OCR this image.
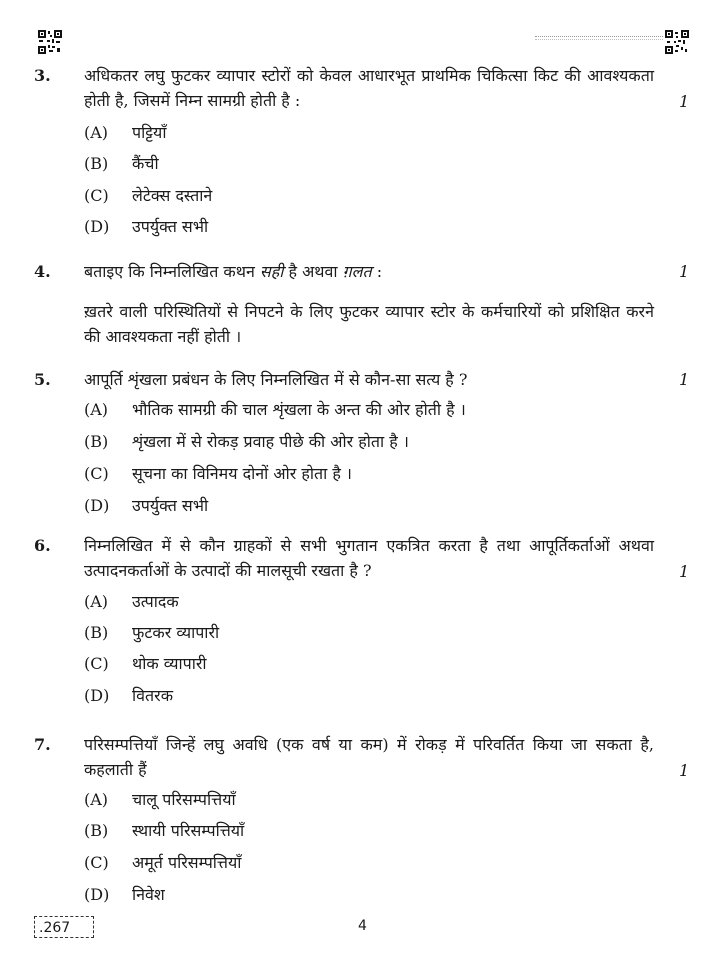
3. अधिकतर लघु फुटकर व्यापार स्टोरों को केवल आधारभूत प्राथमिक चिकित्सा किट की आवश्यकता होती है, जिसमें निम्न सामग्री होती है :	1
(A) पट्टियाँ
(B) कैंची
(C) लेटेक्स दस्ताने
(D) उपर्युक्त सभी
4. बताइए कि निम्नलिखित कथन सही है अथवा ग़लत :	1
ख़तरे वाली परिस्थितियों से निपटने के लिए फुटकर व्यापार स्टोर के कर्मचारियों को प्रशिक्षित करने की आवश्यकता नहीं होती ।
5. आपूर्ति शृंखला प्रबंधन के लिए निम्नलिखित में से कौन-सा सत्य है ?	1
(A) भौतिक सामग्री की चाल शृंखला के अन्त की ओर होती है ।
(B) शृंखला में से रोकड़ प्रवाह पीछे की ओर होता है ।
(C) सूचना का विनिमय दोनों ओर होता है ।
(D) उपर्युक्त सभी
6. निम्नलिखित में से कौन ग्राहकों से सभी भुगतान एकत्रित करता है तथा आपूर्तिकर्ताओं अथवा उत्पादनकर्ताओं के उत्पादों की मालसूची रखता है ?	1
(A) उत्पादक
(B) फुटकर व्यापारी
(C) थोक व्यापारी
(D) वितरक
7. परिसम्पत्तियाँ जिन्हें लघु अवधि (एक वर्ष या कम) में रोकड़ में परिवर्तित किया जा सकता है, कहलाती हैं	1
(A) चालू परिसम्पत्तियाँ
(B) स्थायी परिसम्पत्तियाँ
(C) अमूर्त परिसम्पत्तियाँ
(D) निवेश
.267	4
